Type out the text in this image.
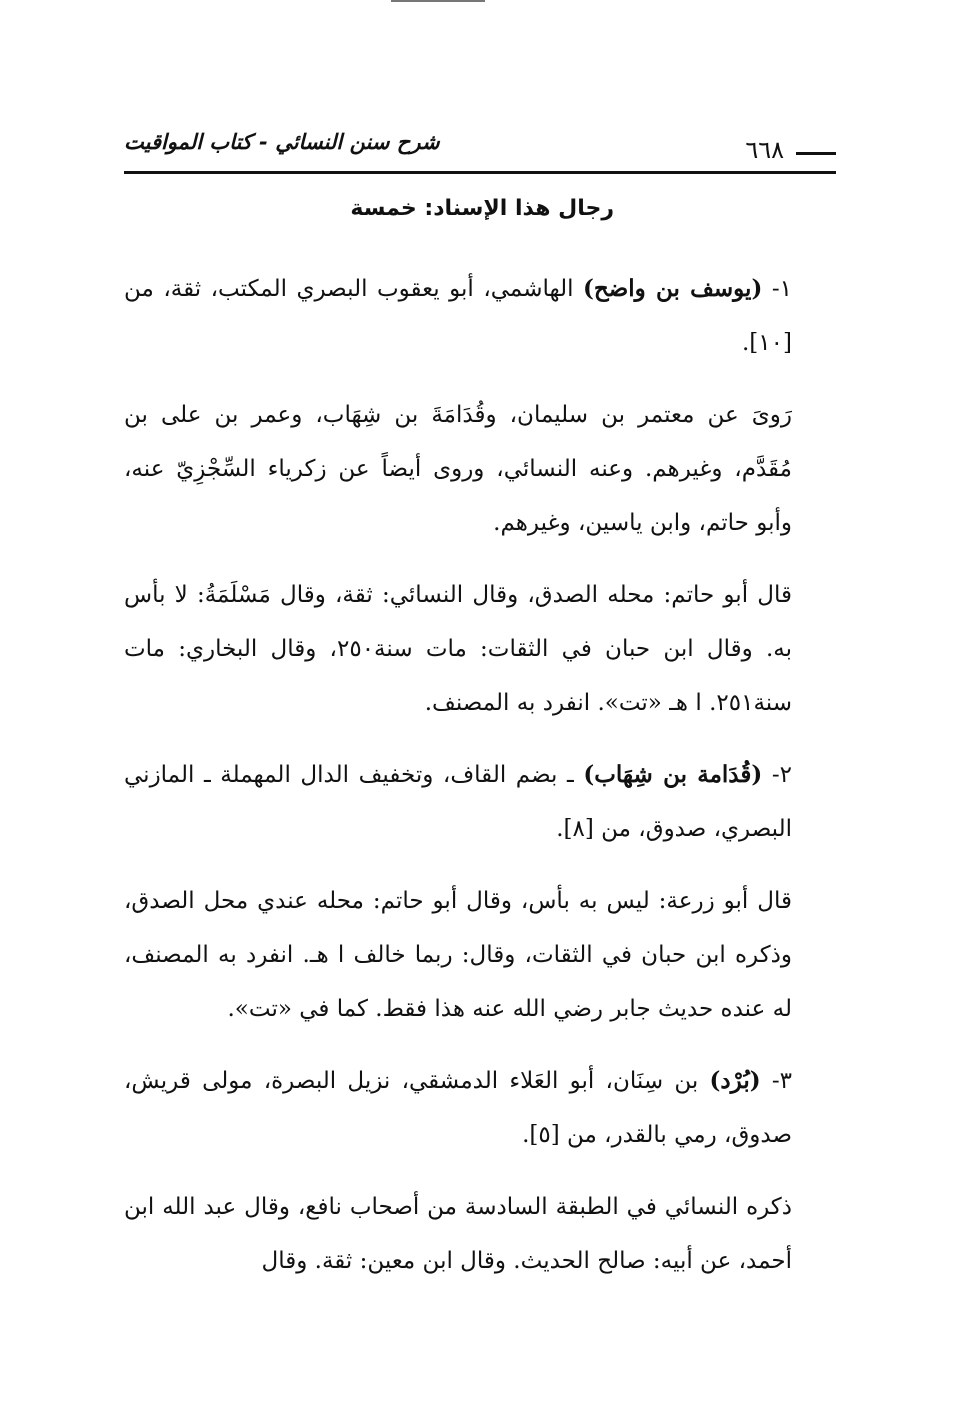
شرح سنن النسائي - كتاب المواقيت	٦٦٨
رجال هذا الإسناد: خمسة

١- (يوسف بن واضح) الهاشمي، أبو يعقوب البصري المكتب، ثقة، من [١٠].

رَوىَ عن معتمر بن سليمان، وقُدَامَةَ بن شِهَاب، وعمر بن على بن مُقَدَّم، وغيرهم. وعنه النسائي، وروى أيضاً عن زكرياء السِّجْزِيّ عنه، وأبو حاتم، وابن ياسين، وغيرهم.

قال أبو حاتم: محله الصدق، وقال النسائي: ثقة، وقال مَسْلَمَةُ: لا بأس به. وقال ابن حبان في الثقات: مات سنة٢٥٠، وقال البخاري: مات سنة٢٥١. ا هـ «تت». انفرد به المصنف.

٢- (قُدَامة بن شِهَاب) ـ بضم القاف، وتخفيف الدال المهملة ـ المازني البصري، صدوق، من [٨].

قال أبو زرعة: ليس به بأس، وقال أبو حاتم: محله عندي محل الصدق، وذكره ابن حبان في الثقات، وقال: ربما خالف ا هـ. انفرد به المصنف، له عنده حديث جابر رضي الله عنه هذا فقط. كما في «تت».

٣- (بُرْد) بن سِنَان، أبو العَلاء الدمشقي، نزيل البصرة، مولى قريش، صدوق، رمي بالقدر، من [٥].

ذكره النسائي في الطبقة السادسة من أصحاب نافع، وقال عبد الله ابن أحمد، عن أبيه: صالح الحديث. وقال ابن معين: ثقة. وقال
